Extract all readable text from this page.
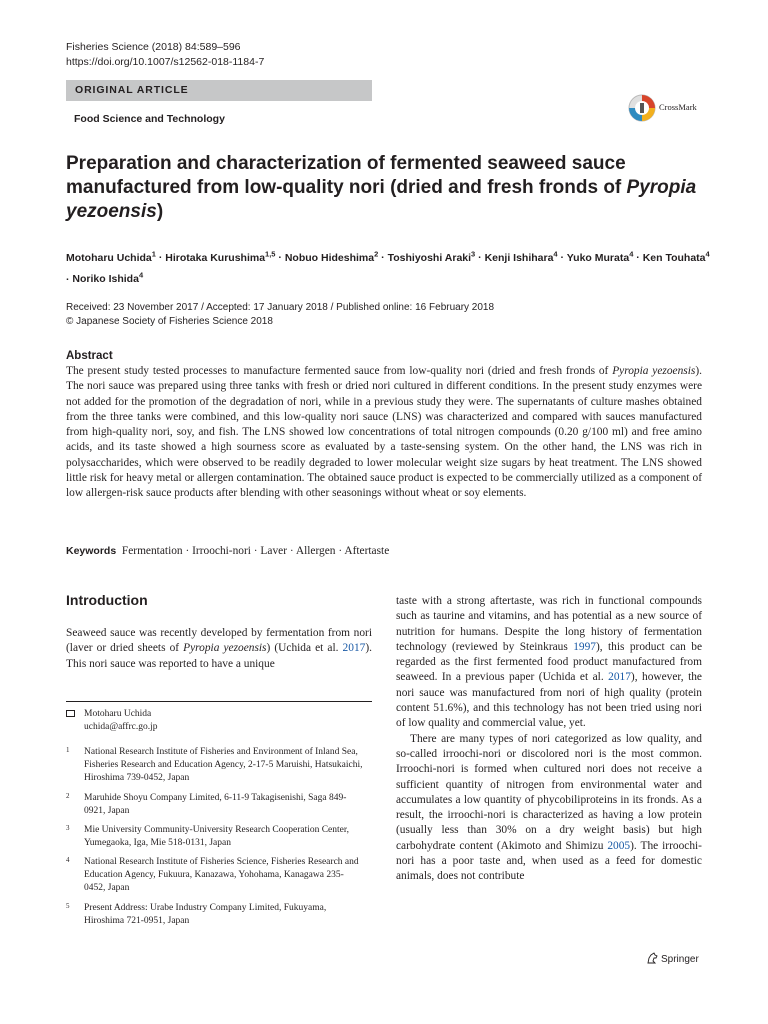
Fisheries Science (2018) 84:589–596
https://doi.org/10.1007/s12562-018-1184-7
ORIGINAL ARTICLE
Food Science and Technology
CrossMark
Preparation and characterization of fermented seaweed sauce manufactured from low-quality nori (dried and fresh fronds of Pyropia yezoensis)
Motoharu Uchida$^1$ · Hirotaka Kurushima$^{1,5}$ · Nobuo Hideshima$^2$ · Toshiyoshi Araki$^3$ · Kenji Ishihara$^4$ · Yuko Murata$^4$ · Ken Touhata$^4$ · Noriko Ishida$^4$
Received: 23 November 2017 / Accepted: 17 January 2018 / Published online: 16 February 2018
© Japanese Society of Fisheries Science 2018
Abstract
The present study tested processes to manufacture fermented sauce from low-quality nori (dried and fresh fronds of Pyropia yezoensis). The nori sauce was prepared using three tanks with fresh or dried nori cultured in different conditions. In the present study enzymes were not added for the promotion of the degradation of nori, while in a previous study they were. The supernatants of culture mashes obtained from the three tanks were combined, and this low-quality nori sauce (LNS) was characterized and compared with sauces manufactured from high-quality nori, soy, and fish. The LNS showed low concentrations of total nitrogen compounds (0.20 g/100 ml) and free amino acids, and its taste showed a high sourness score as evaluated by a taste-sensing system. On the other hand, the LNS was rich in polysaccharides, which were observed to be readily degraded to lower molecular weight size sugars by heat treatment. The LNS showed little risk for heavy metal or allergen contamination. The obtained sauce product is expected to be commercially utilized as a component of low allergen-risk sauce products after blending with other seasonings without wheat or soy elements.
Keywords Fermentation · Irroochi-nori · Laver · Allergen · Aftertaste
Introduction
Seaweed sauce was recently developed by fermentation from nori (laver or dried sheets of Pyropia yezoensis) (Uchida et al. 2017). This nori sauce was reported to have a unique
taste with a strong aftertaste, was rich in functional compounds such as taurine and vitamins, and has potential as a new source of nutrition for humans. Despite the long history of fermentation technology (reviewed by Steinkraus 1997), this product can be regarded as the first fermented food product manufactured from seaweed. In a previous paper (Uchida et al. 2017), however, the nori sauce was manufactured from nori of high quality (protein content 51.6%), and this technology has not been tried using nori of low quality and commercial value, yet.
There are many types of nori categorized as low quality, and so-called irroochi-nori or discolored nori is the most common. Irroochi-nori is formed when cultured nori does not receive a sufficient quantity of nitrogen from environmental water and accumulates a low quantity of phycobiliproteins in its fronds. As a result, the irroochi-nori is characterized as having a low protein (usually less than 30% on a dry weight basis) but high carbohydrate content (Akimoto and Shimizu 2005). The irroochi-nori has a poor taste and, when used as a feed for domestic animals, does not contribute
Motoharu Uchida
uchida@affrc.go.jp
1 National Research Institute of Fisheries and Environment of Inland Sea, Fisheries Research and Education Agency, 2-17-5 Maruishi, Hatsukaichi, Hiroshima 739-0452, Japan
2 Maruhide Shoyu Company Limited, 6-11-9 Takagisenishi, Saga 849-0921, Japan
3 Mie University Community-University Research Cooperation Center, Yumegaoka, Iga, Mie 518-0131, Japan
4 National Research Institute of Fisheries Science, Fisheries Research and Education Agency, Fukuura, Kanazawa, Yohohama, Kanagawa 235-0452, Japan
5 Present Address: Urabe Industry Company Limited, Fukuyama, Hiroshima 721-0951, Japan
Springer
